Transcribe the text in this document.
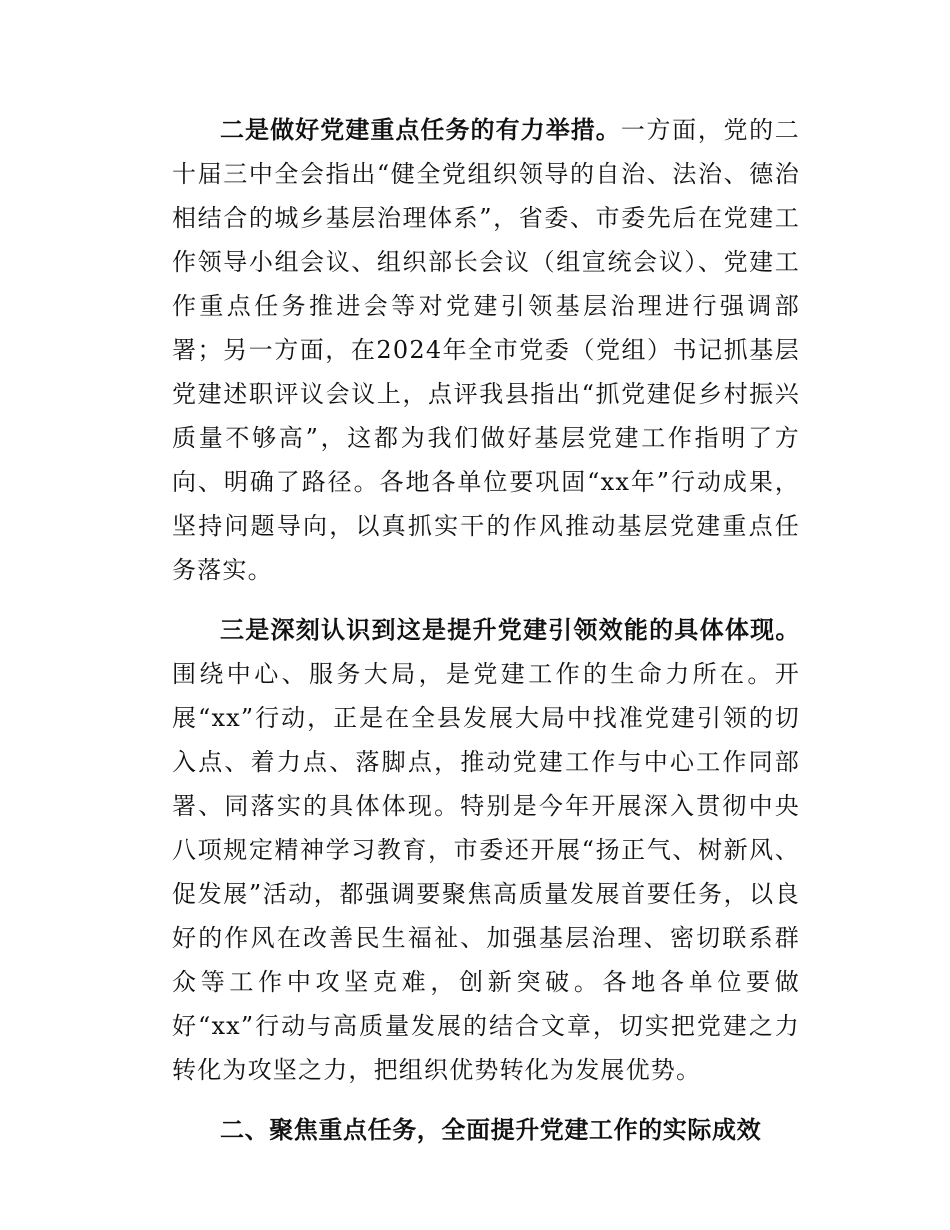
二是做好党建重点任务的有力举措。一方面，党的二十届三中全会指出“健全党组织领导的自治、法治、德治相结合的城乡基层治理体系”，省委、市委先后在党建工作领导小组会议、组织部长会议（组宣统会议）、党建工作重点任务推进会等对党建引领基层治理进行强调部署；另一方面，在2024年全市党委（党组）书记抓基层党建述职评议会议上，点评我县指出“抓党建促乡村振兴质量不够高”，这都为我们做好基层党建工作指明了方向、明确了路径。各地各单位要巩固“xx年”行动成果，坚持问题导向，以真抓实干的作风推动基层党建重点任务落实。

三是深刻认识到这是提升党建引领效能的具体体现。围绕中心、服务大局，是党建工作的生命力所在。开展“xx”行动，正是在全县发展大局中找准党建引领的切入点、着力点、落脚点，推动党建工作与中心工作同部署、同落实的具体体现。特别是今年开展深入贯彻中央八项规定精神学习教育，市委还开展“扬正气、树新风、促发展”活动，都强调要聚焦高质量发展首要任务，以良好的作风在改善民生福祉、加强基层治理、密切联系群众等工作中攻坚克难，创新突破。各地各单位要做好“xx”行动与高质量发展的结合文章，切实把党建之力转化为攻坚之力，把组织优势转化为发展优势。

二、聚焦重点任务，全面提升党建工作的实际成效
